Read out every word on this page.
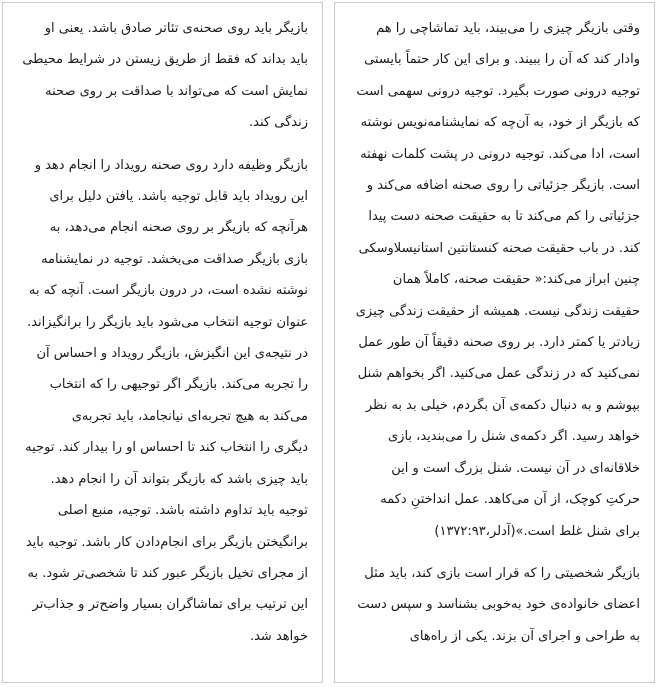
وقتی بازیگر چیزی را می‌بیند، باید تماشاچی را هم
وادار کند که آن را ببیند. و برای این کار حتماً بایستی
توجیه درونی صورت بگیرد. توجیه درونی سهمی است
که بازیگر از خود، به آن‌چه که نمایشنامه‌نویس نوشته
است، ادا می‌کند. توجیه درونی در پشت کلمات نهفته
است. بازیگر جزئیاتی را روی صحنه اضافه می‌کند و
جزئیاتی را کم می‌کند تا به حقیقت صحنه دست پیدا
کند. در باب حقیقت صحنه کنستانتین استانیسلاوسکی
چنین ابراز می‌کند:« حقیقت صحنه، کاملاً همان
حقیقت زندگی نیست. همیشه از حقیقت زندگی چیزی
زیادتر یا کمتر دارد. بر روی صحنه دقیقاً آن طور عمل
نمی‌کنید که در زندگی عمل می‌کنید. اگر بخواهم شنل
بپوشم و به دنبال دکمه‌ی آن بگردم، خیلی بد به نظر
خواهد رسید. اگر دکمه‌ی شنل را می‌بندید، بازی
خلاقانه‌ای در آن نیست. شنل بزرگ است و این
حرکتِ کوچک، از آن می‌کاهد. عمل انداختنِ دکمه
برای شنل غلط است.»(آدلر،۱۳۷۲:۹۳)
بازیگر شخصیتی را که قرار است بازی کند، باید مثل
اعضای خانواده‌ی خود به‌خوبی بشناسد و سپس دست
به طراحی و اجرای آن بزند. یکی از راه‌های
بازیگر باید روی صحنه‌ی تئاتر صادق باشد. یعنی او
باید بداند که فقط از طریق زیستن در شرایط محیطی
نمایش است که می‌تواند با صداقت بر روی صحنه
زندگی کند.
بازیگر وظیفه دارد روی صحنه رویداد را انجام دهد و
این رویداد باید قابل توجیه باشد. یافتن دلیل برای
هرآنچه که بازیگر بر روی صحنه انجام می‌دهد، به
بازی بازیگر صداقت می‌بخشد. توجیه در نمایشنامه
نوشته نشده است، در درون بازیگر است. آنچه که به
عنوان توجیه انتخاب می‌شود باید بازیگر را برانگیزاند.
در نتیجه‌ی این انگیزش، بازیگر رویداد و احساس آن
را تجربه می‌کند. بازیگر اگر توجیهی را که انتخاب
می‌کند به هیچ تجربه‌ای نیانجامد، باید تجربه‌ی
دیگری را انتخاب کند تا احساس او را بیدار کند. توجیه
باید چیزی باشد که بازیگر بتواند آن را انجام دهد.
توجیه باید تداوم داشته باشد. توجیه، منبع اصلی
برانگیختن بازیگر برای انجام‌دادن کار باشد. توجیه باید
از مجرای تخیل بازیگر عبور کند تا شخصی‌تر شود. به
این ترتیب برای تماشاگران بسیار واضح‌تر و جذاب‌تر
خواهد شد.
